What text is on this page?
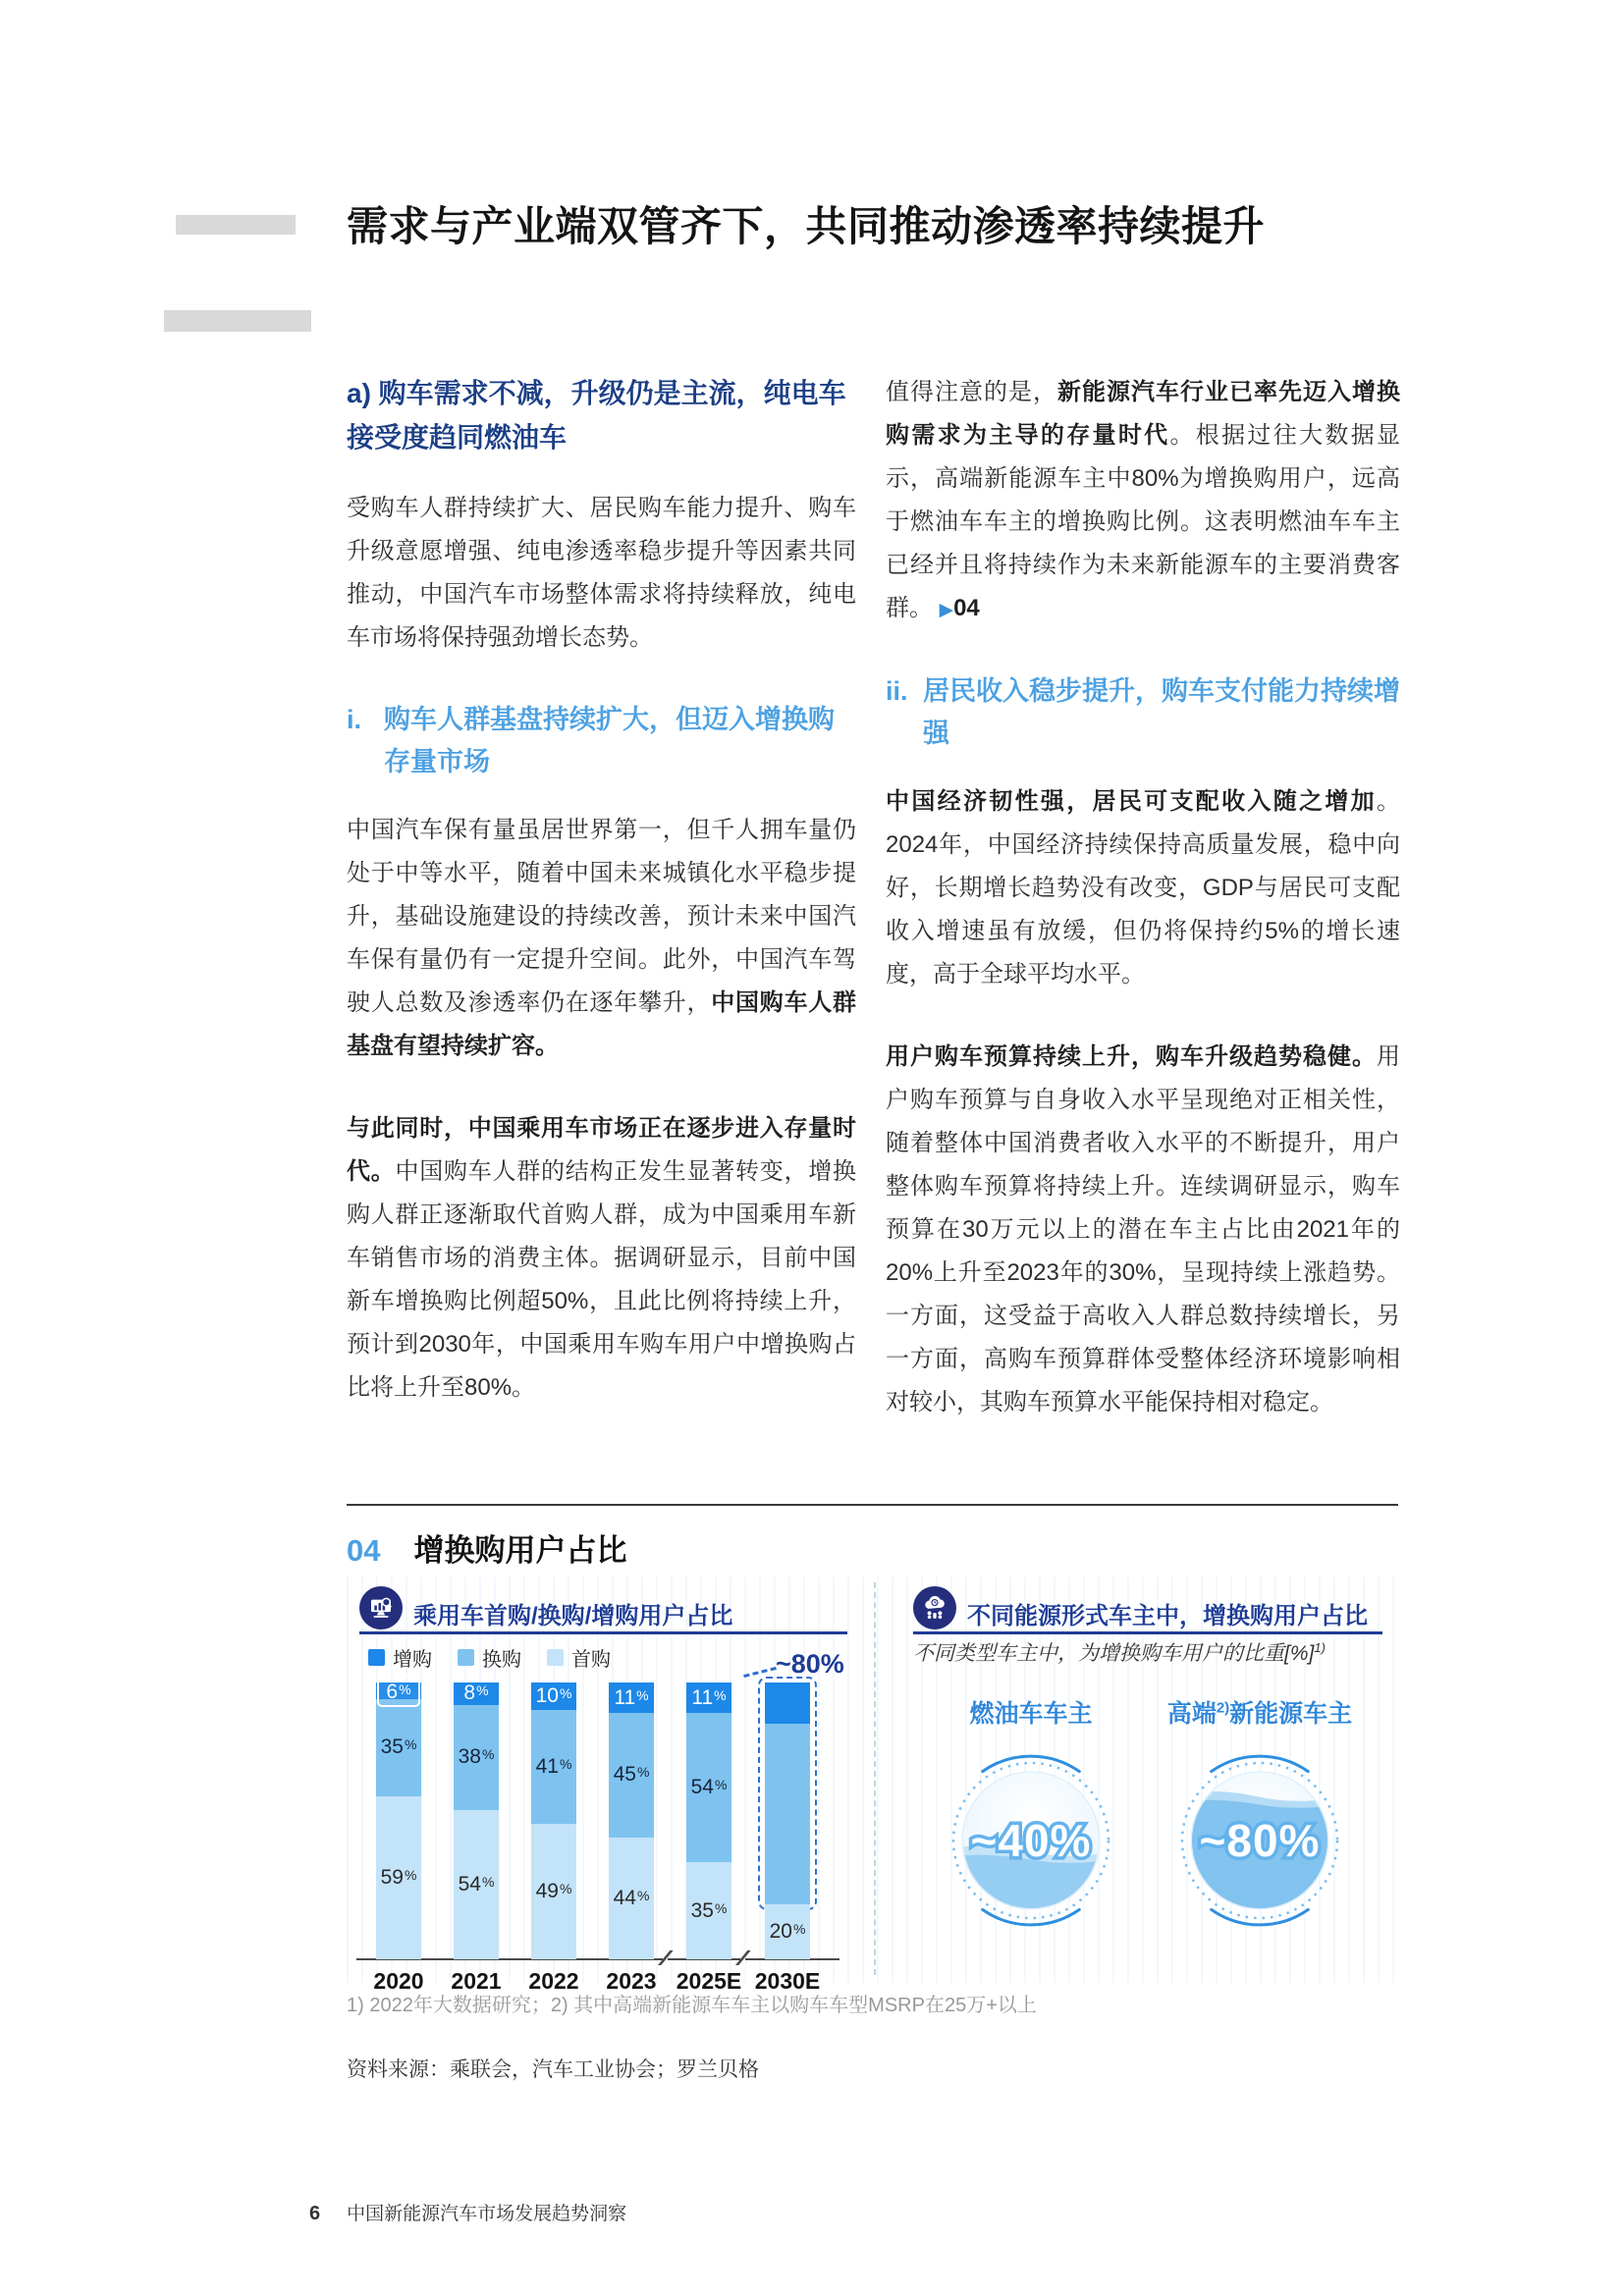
需求与产业端双管齐下，共同推动渗透率持续提升
a) 购车需求不减，升级仍是主流，纯电车接受度趋同燃油车

受购车人群持续扩大、居民购车能力提升、购车升级意愿增强、纯电渗透率稳步提升等因素共同推动，中国汽车市场整体需求将持续释放，纯电车市场将保持强劲增长态势。

i. 购车人群基盘持续扩大，但迈入增换购存量市场

中国汽车保有量虽居世界第一，但千人拥车量仍处于中等水平，随着中国未来城镇化水平稳步提升，基础设施建设的持续改善，预计未来中国汽车保有量仍有一定提升空间。此外，中国汽车驾驶人总数及渗透率仍在逐年攀升，中国购车人群基盘有望持续扩容。

与此同时，中国乘用车市场正在逐步进入存量时代。中国购车人群的结构正发生显著转变，增换购人群正逐渐取代首购人群，成为中国乘用车新车销售市场的消费主体。据调研显示，目前中国新车增换购比例超50%，且此比例将持续上升，预计到2030年，中国乘用车购车用户中增换购占比将上升至80%。

值得注意的是，新能源汽车行业已率先迈入增换购需求为主导的存量时代。根据过往大数据显示，高端新能源车主中80%为增换购用户，远高于燃油车车主的增换购比例。这表明燃油车车主已经并且将持续作为未来新能源车的主要消费客群。 ▶04

ii. 居民收入稳步提升，购车支付能力持续增强

中国经济韧性强，居民可支配收入随之增加。2024年，中国经济持续保持高质量发展，稳中向好，长期增长趋势没有改变，GDP与居民可支配收入增速虽有放缓，但仍将保持约5%的增长速度，高于全球平均水平。

用户购车预算持续上升，购车升级趋势稳健。用户购车预算与自身收入水平呈现绝对正相关性，随着整体中国消费者收入水平的不断提升，用户整体购车预算将持续上升。连续调研显示，购车预算在30万元以上的潜在车主占比由2021年的20%上升至2023年的30%，呈现持续上涨趋势。一方面，这受益于高收入人群总数持续增长，另一方面，高购车预算群体受整体经济环境影响相对较小，其购车预算水平能保持相对稳定。

04 增换购用户占比
乘用车首购/换购/增购用户占比
增购	换购	首购
∕∕	∕∕
~80%
59%
35%
6%
2020
54%
38%
8%
2021
49%
41%
10%
2022
44%
45%
11%
2023
35%
54%
11%
2025E
20%
2030E
不同能源形式车主中，增换购用户占比
不同类型车主中，为增换购车用户的比重[%]$^{1)}$
燃油车车主	高端$^{2)}$新能源车主
~40% ~80%
1) 2022年大数据研究；2) 其中高端新能源车车主以购车车型MSRP在25万+以上
资料来源：乘联会，汽车工业协会；罗兰贝格
6 中国新能源汽车市场发展趋势洞察
